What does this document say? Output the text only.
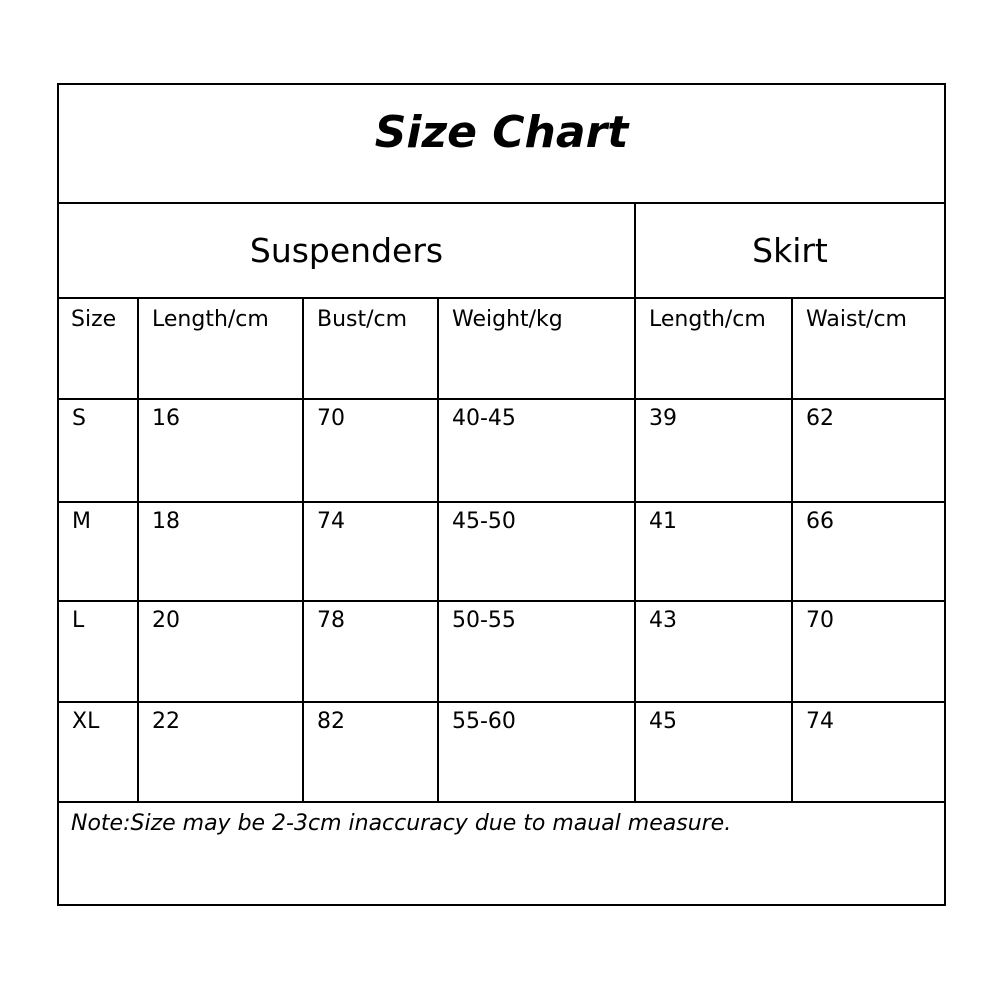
Size Chart					
Suspenders				Skirt	
Size	Length/cm	Bust/cm	Weight/kg	Length/cm	Waist/cm
S	16	70	40-45	39	62
M	18	74	45-50	41	66
L	20	78	50-55	43	70
XL	22	82	55-60	45	74
Note:Size may be 2-3cm inaccuracy due to maual measure.					
